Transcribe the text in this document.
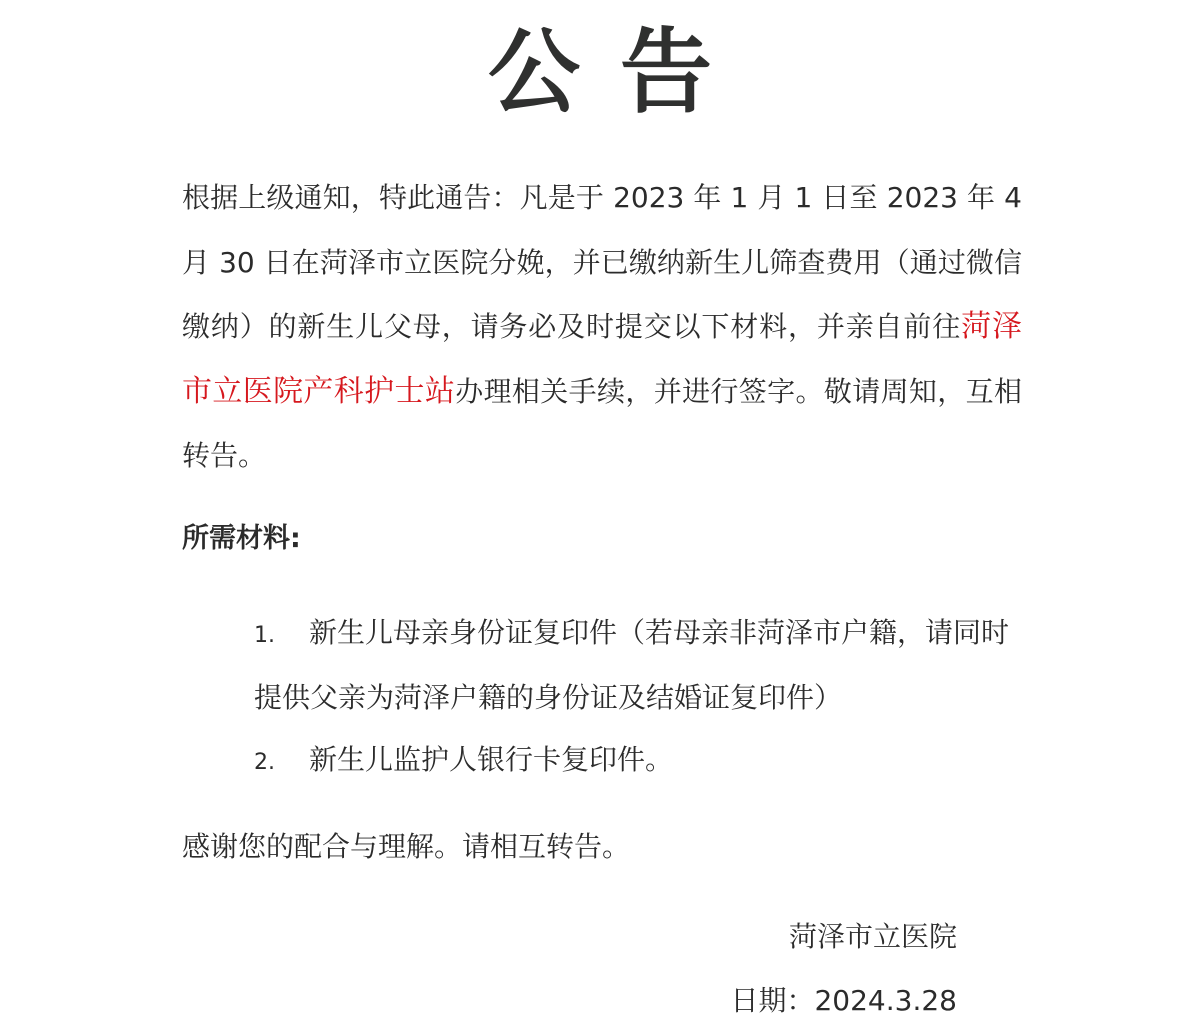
公告

根据上级通知，特此通告：凡是于 2023 年 1 月 1 日至 2023 年 4 月 30 日在菏泽市立医院分娩，并已缴纳新生儿筛查费用（通过微信缴纳）的新生儿父母，请务必及时提交以下材料，并亲自前往菏泽市立医院产科护士站办理相关手续，并进行签字。敬请周知，互相转告。

所需材料:
1. 新生儿母亲身份证复印件（若母亲非菏泽市户籍，请同时提供父亲为菏泽户籍的身份证及结婚证复印件）
2. 新生儿监护人银行卡复印件。
感谢您的配合与理解。请相互转告。
菏泽市立医院
日期：2024.3.28
